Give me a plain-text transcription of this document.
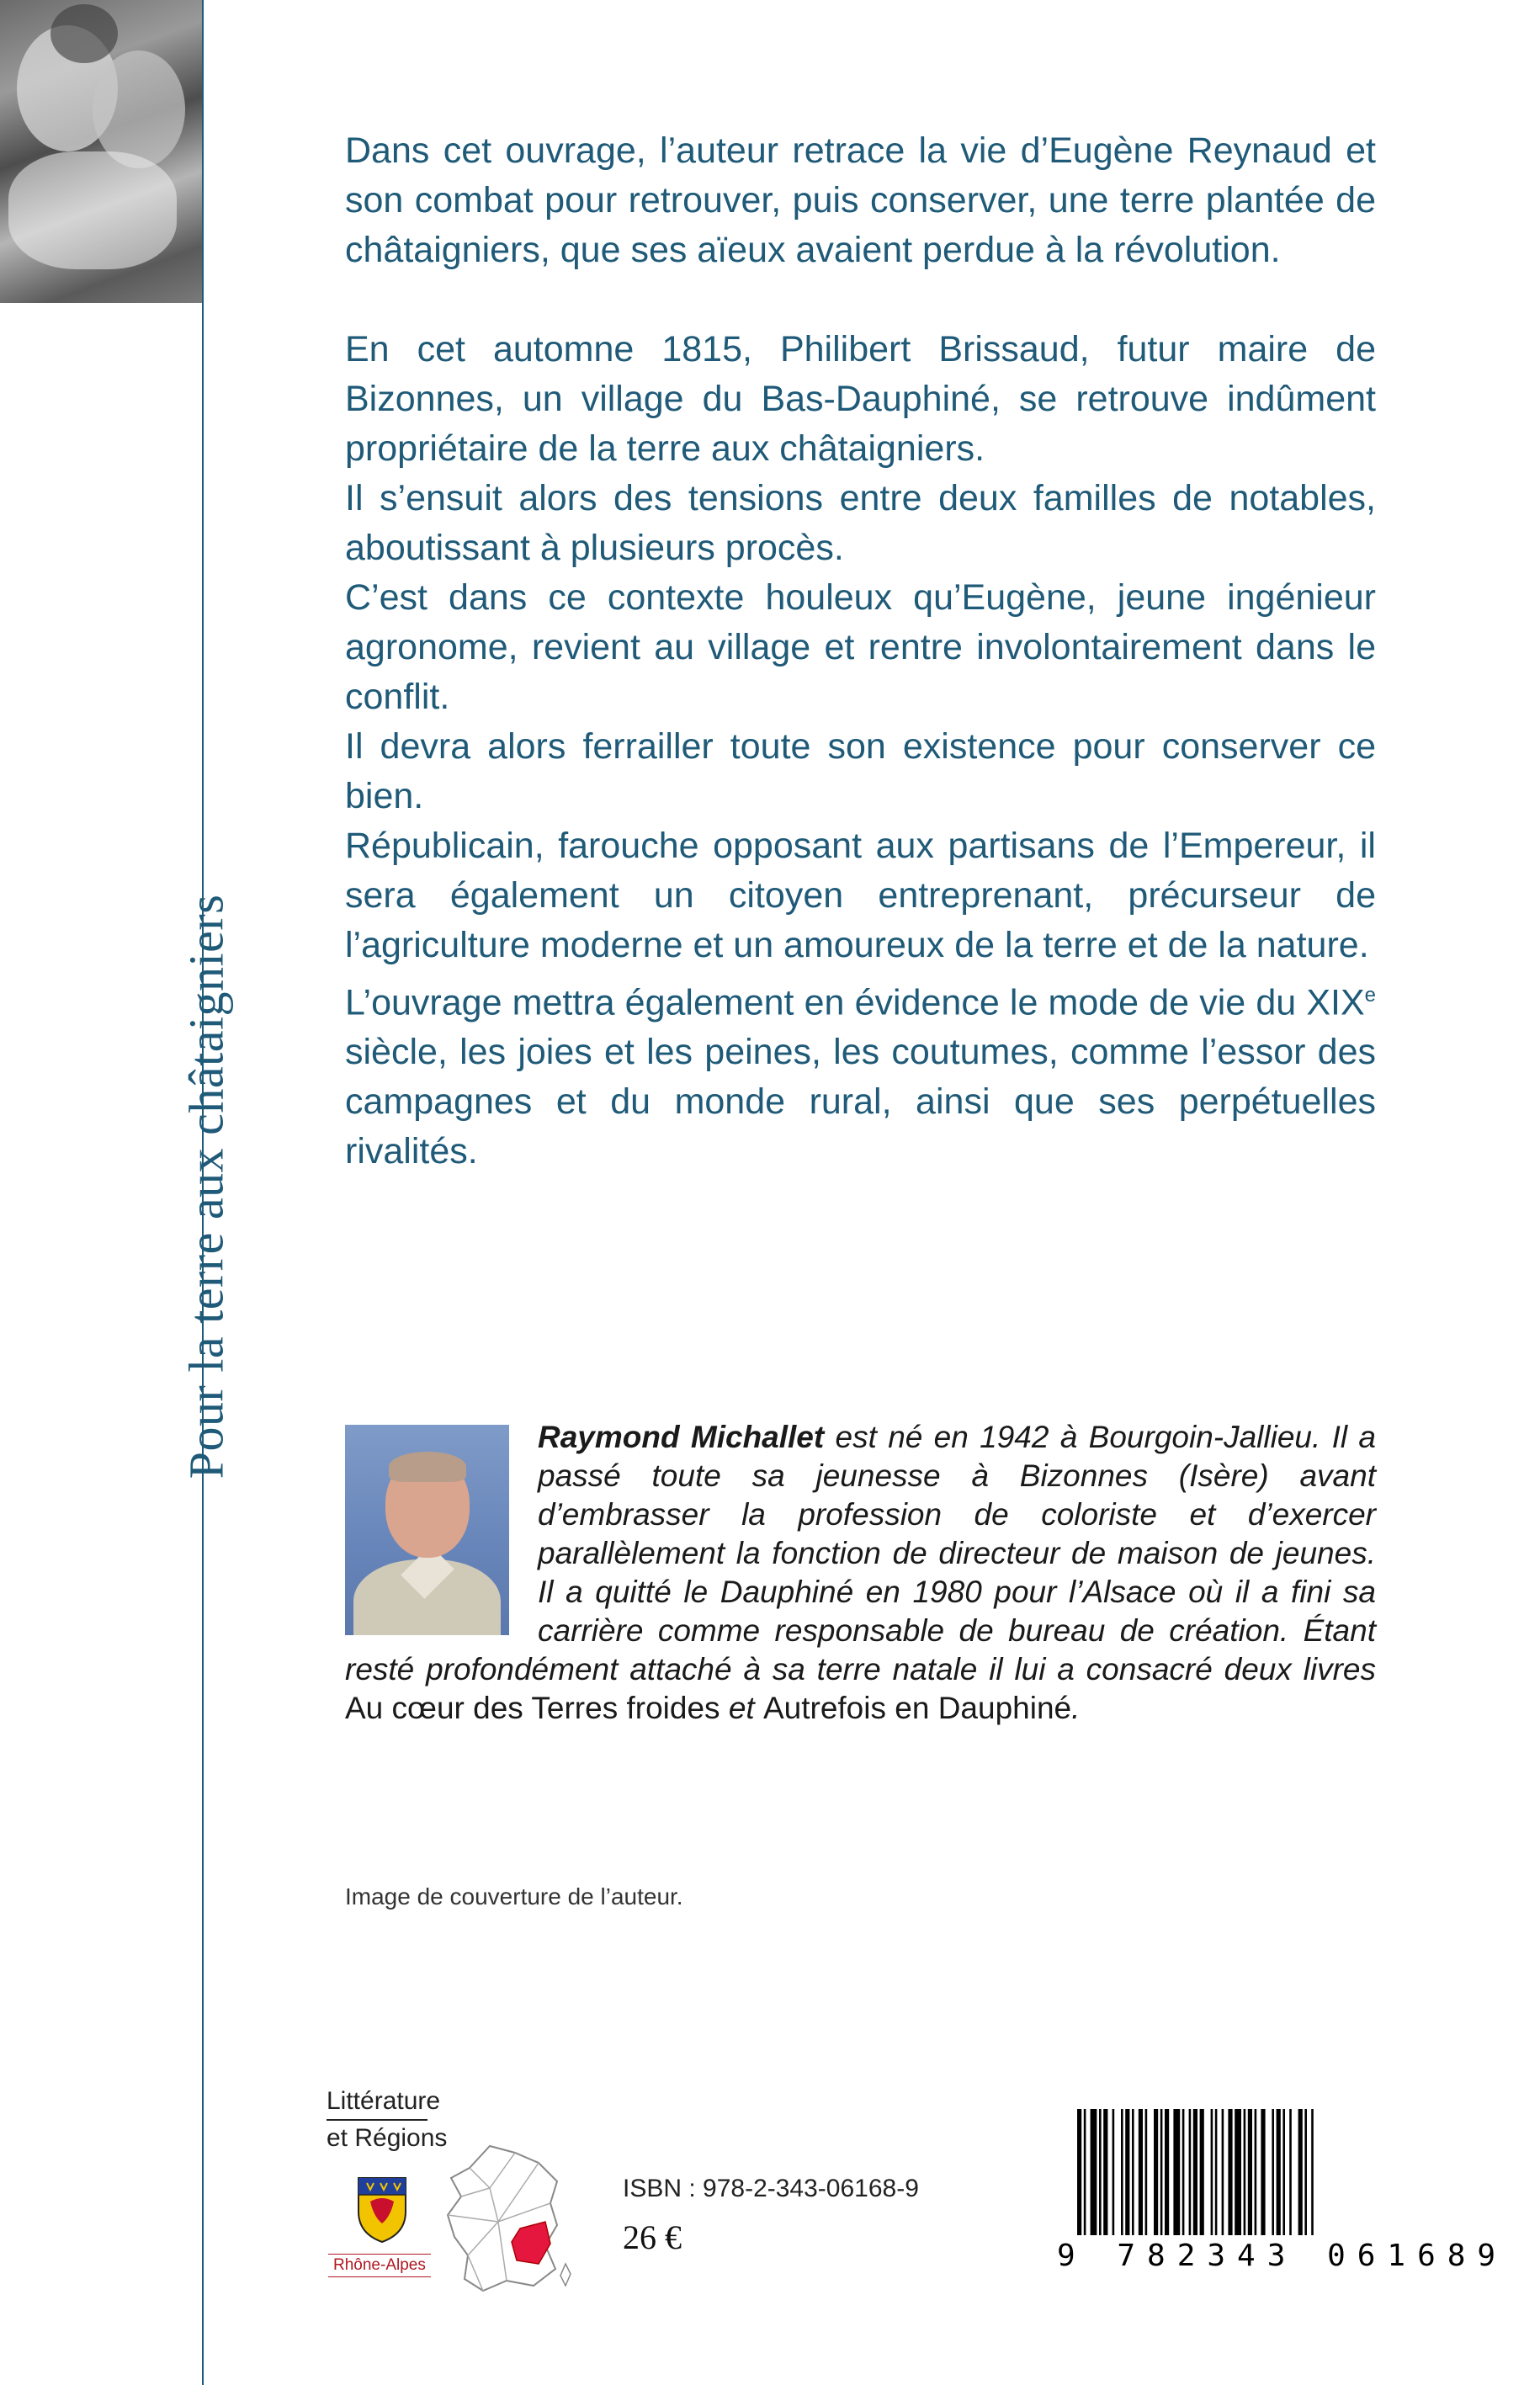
Pour la terre aux châtaigniers

Dans cet ouvrage, l’auteur retrace la vie d’Eugène Reynaud et son combat pour retrouver, puis conserver, une terre plantée de châtaigniers, que ses aïeux avaient perdue à la révolution.

En cet automne 1815, Philibert Brissaud, futur maire de Bizonnes, un village du Bas-Dauphiné, se retrouve indûment propriétaire de la terre aux châtaigniers.

Il s’ensuit alors des tensions entre deux familles de notables, aboutissant à plusieurs procès.

C’est dans ce contexte houleux qu’Eugène, jeune ingénieur agronome, revient au village et rentre involontairement dans le conflit.

Il devra alors ferrailler toute son existence pour conserver ce bien.

Républicain, farouche opposant aux partisans de l’Empereur, il sera également un citoyen entreprenant, précurseur de l’agriculture moderne et un amoureux de la terre et de la nature.

L’ouvrage mettra également en évidence le mode de vie du XIXe siècle, les joies et les peines, les coutumes, comme l’essor des campagnes et du monde rural, ainsi que ses perpétuelles rivalités.

Raymond Michallet est né en 1942 à Bourgoin-Jallieu. Il a passé toute sa jeunesse à Bizonnes (Isère) avant d’embrasser la profession de coloriste et d’exercer parallèlement la fonction de directeur de maison de jeunes. Il a quitté le Dauphiné en 1980 pour l’Alsace où il a fini sa carrière comme responsable de bureau de création. Étant resté profondément attaché à sa terre natale il lui a consacré deux livres Au cœur des Terres froides et Autrefois en Dauphiné.

Image de couverture de l’auteur.
Littérature
et Régions
Rhône-Alpes
ISBN : 978-2-343-06168-9
26 €	9 782343 061689
